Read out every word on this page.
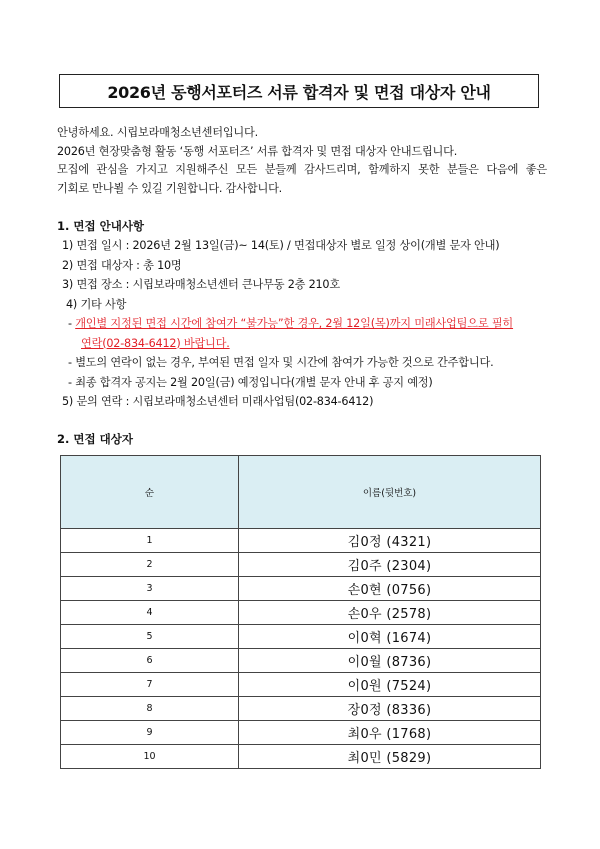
2026년 동행서포터즈 서류 합격자 및 면접 대상자 안내

안녕하세요. 시립보라매청소년센터입니다.

2026년 현장맞춤형 활동 ‘동행 서포터즈’ 서류 합격자 및 면접 대상자 안내드립니다.

모집에 관심을 가지고 지원해주신 모든 분들께 감사드리며, 함께하지 못한 분들은 다음에 좋은

기회로 만나뵐 수 있길 기원합니다. 감사합니다.

1. 면접 안내사항
1) 면접 일시 : 2026년 2월 13일(금)~ 14(토) / 면접대상자 별로 일정 상이(개별 문자 안내)
2) 면접 대상자 : 총 10명
3) 면접 장소 : 시립보라매청소년센터 큰나무동 2층 210호
4) 기타 사항
- 개인별 지정된 면접 시간에 참여가 “불가능”한 경우, 2월 12일(목)까지 미래사업팀으로 필히
연락(02-834-6412) 바랍니다.
- 별도의 연락이 없는 경우, 부여된 면접 일자 및 시간에 참여가 가능한 것으로 간주합니다.
- 최종 합격자 공지는 2월 20일(금) 예정입니다(개별 문자 안내 후 공지 예정)
5) 문의 연락 : 시립보라매청소년센터 미래사업팀(02-834-6412)
2. 면접 대상자
순	이름(뒷번호)
1	김0정 (4321)
2	김0주 (2304)
3	손0현 (0756)
4	손0우 (2578)
5	이0혁 (1674)
6	이0월 (8736)
7	이0원 (7524)
8	장0정 (8336)
9	최0우 (1768)
10	최0민 (5829)
